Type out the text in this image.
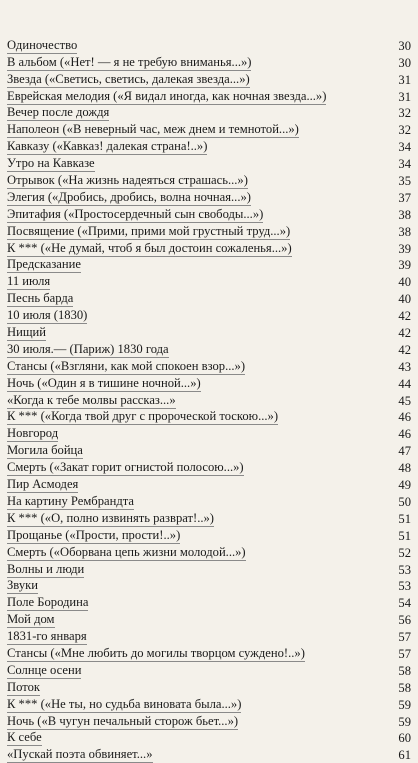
Одиночество	30
В альбом («Нет! — я не требую вниманья...»)	30
Звезда («Светись, светись, далекая звезда...»)	31
Еврейская мелодия («Я видал иногда, как ночная звезда...»)	31
Вечер после дождя	32
Наполеон («В неверный час, меж днем и темнотой...»)	32
Кавказу («Кавказ! далекая страна!..»)	34
Утро на Кавказе	34
Отрывок («На жизнь надеяться страшась...»)	35
Элегия («Дробись, дробись, волна ночная...»)	37
Эпитафия («Простосердечный сын свободы...»)	38
Посвящение («Прими, прими мой грустный труд...»)	38
К *** («Не думай, чтоб я был достоин сожаленья...»)	39
Предсказание	39
11 июля	40
Песнь барда	40
10 июля (1830)	42
Нищий	42
30 июля.— (Париж) 1830 года	42
Стансы («Взгляни, как мой спокоен взор...»)	43
Ночь («Один я в тишине ночной...»)	44
«Когда к тебе молвы рассказ...»	45
К *** («Когда твой друг с пророческой тоскою...»)	46
Новгород	46
Могила бойца	47
Смерть («Закат горит огнистой полосою...»)	48
Пир Асмодея	49
На картину Рембрандта	50
К *** («О, полно извинять разврат!..»)	51
Прощанье («Прости, прости!..»)	51
Смерть («Оборвана цепь жизни молодой...»)	52
Волны и люди	53
Звуки	53
Поле Бородина	54
Мой дом	56
1831-го января	57
Стансы («Мне любить до могилы творцом суждено!..»)	57
Солнце осени	58
Поток	58
К *** («Не ты, но судьба виновата была...»)	59
Ночь («В чугун печальный сторож бьет...»)	59
К себе	60
«Пускай поэта обвиняет...»	61
